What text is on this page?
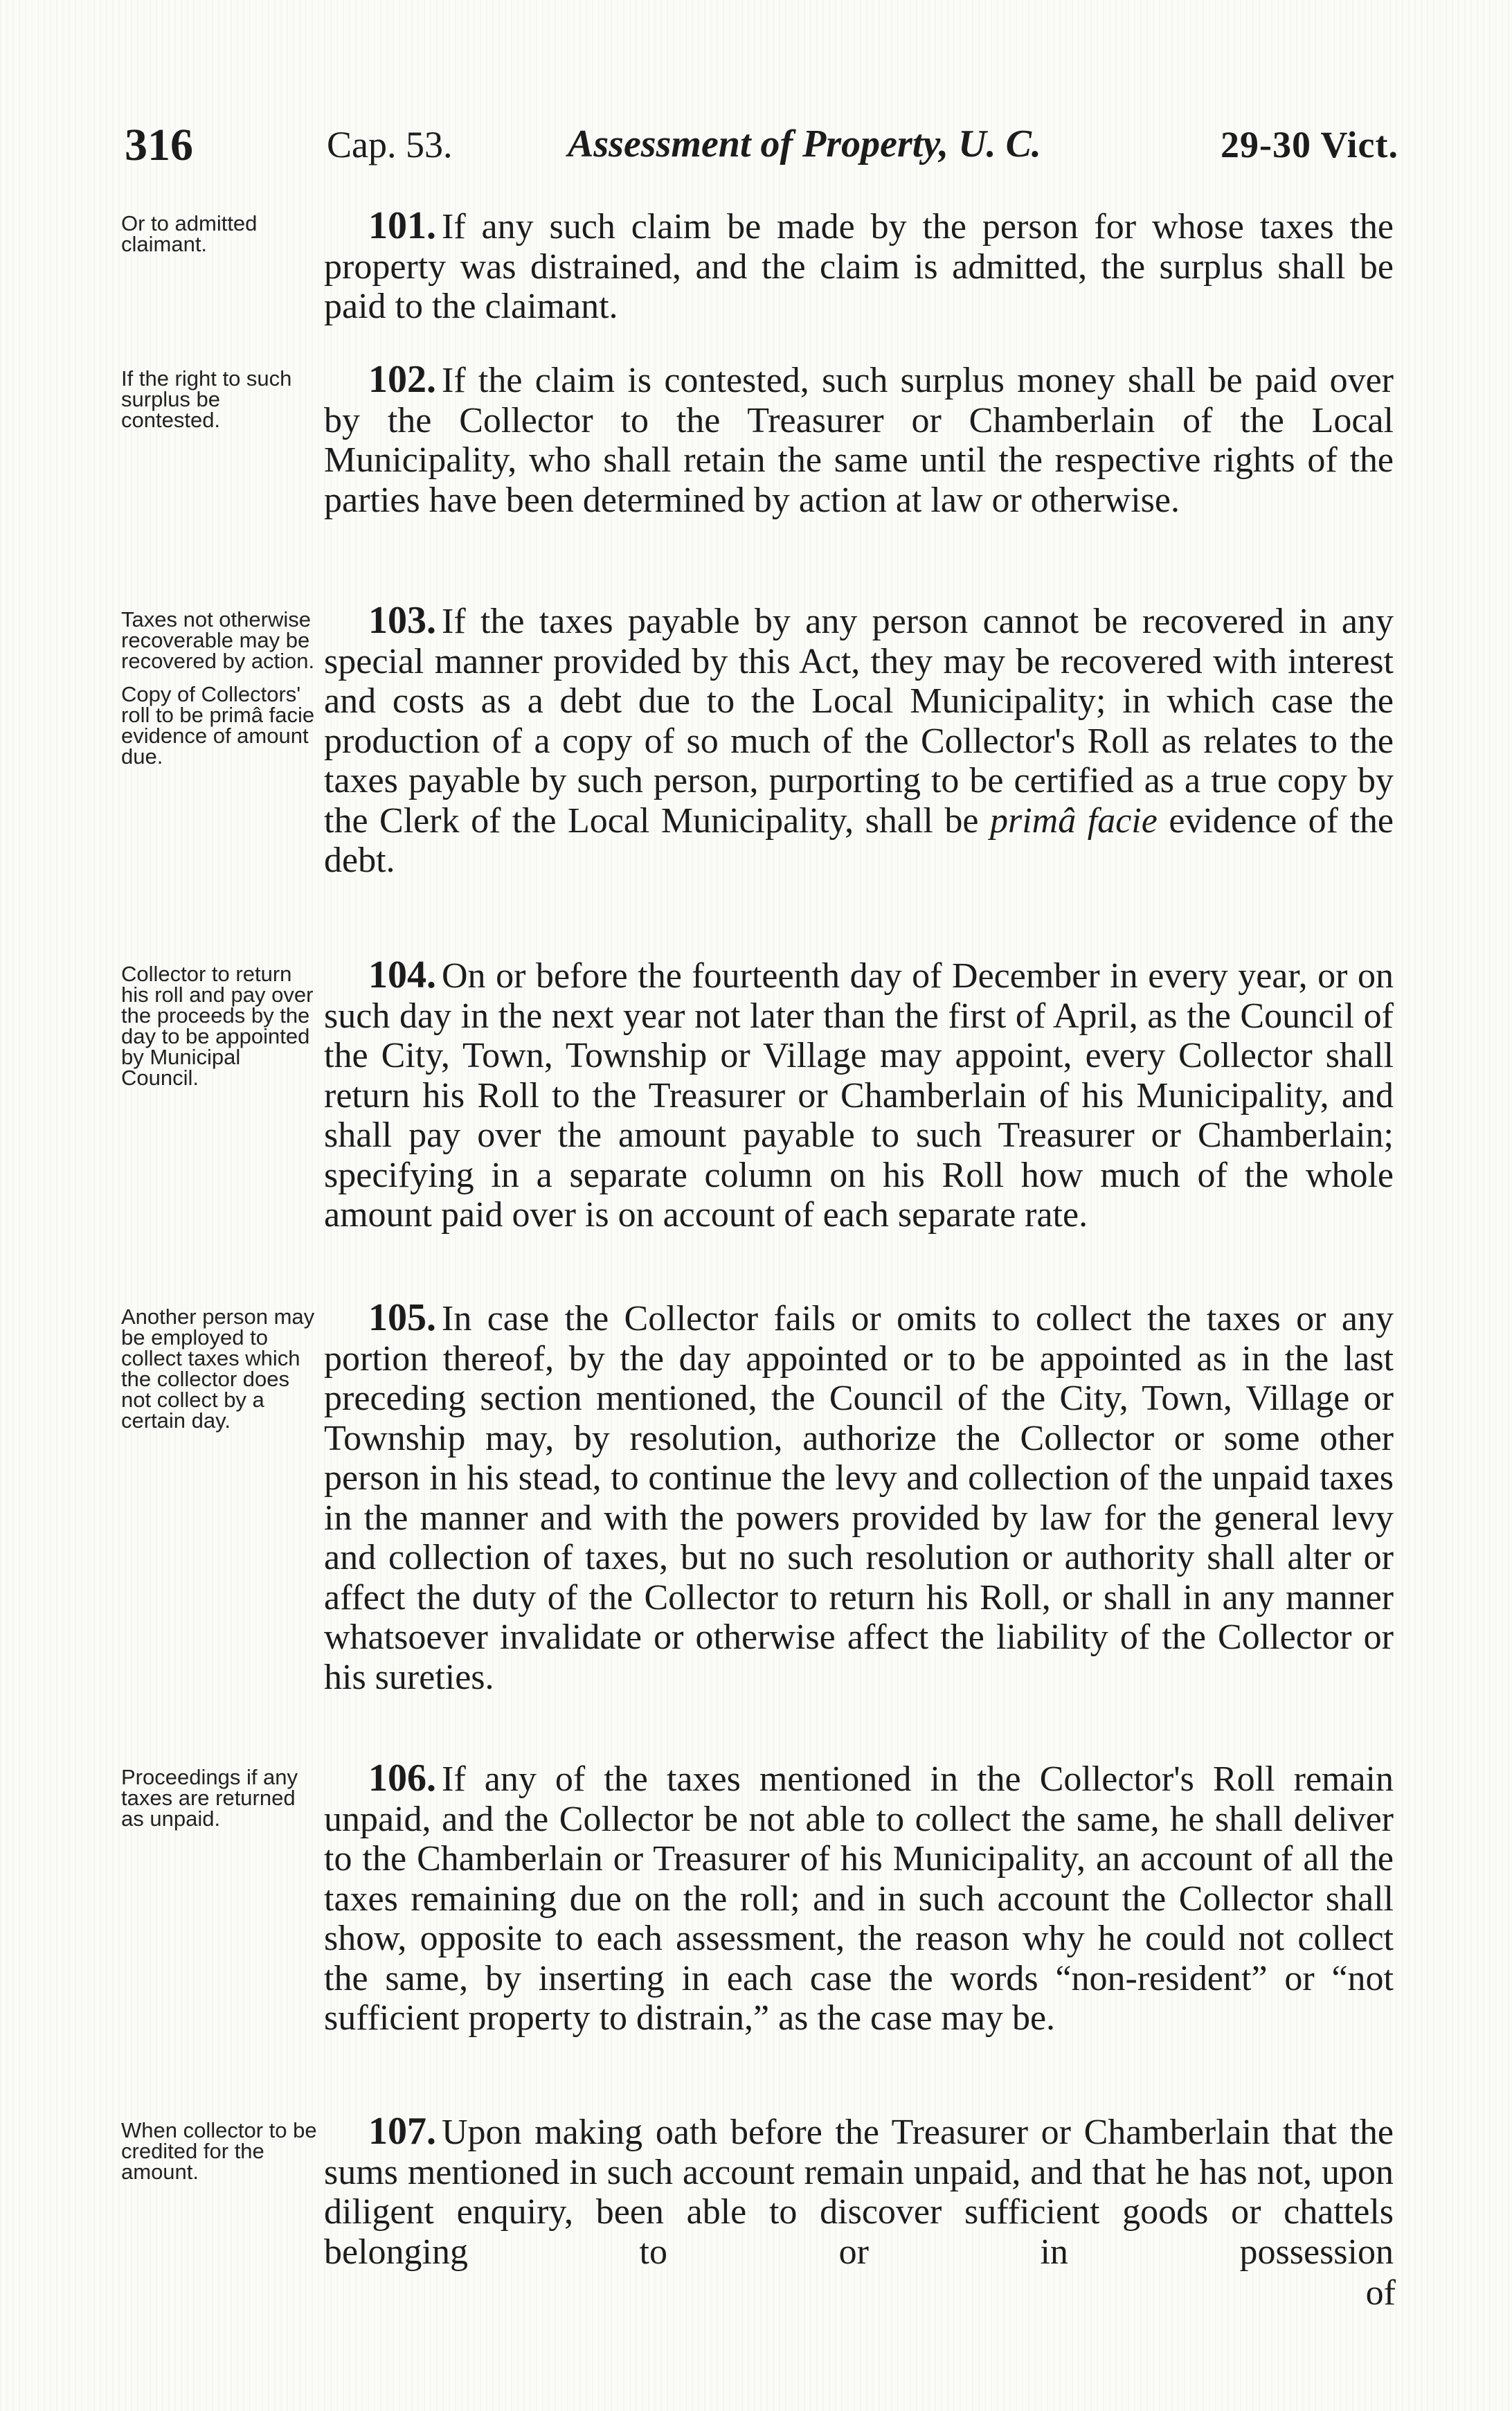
316	Cap. 53.	Assessment of Property, U. C.	29-30 Vict.

Or to admitted claimant.	101. If any such claim be made by the person for whose taxes the property was distrained, and the claim is admitted, the surplus shall be paid to the claimant.

If the right to such surplus be contested.

102. If the claim is contested, such surplus money shall be paid over by the Collector to the Treasurer or Chamberlain of the Local Municipality, who shall retain the same until the respective rights of the parties have been determined by action at law or otherwise.

Taxes not otherwise recoverable may be recovered by action.

Copy of Collectors' roll to be primâ facie evidence of amount due.

103. If the taxes payable by any person cannot be recovered in any special manner provided by this Act, they may be recovered with interest and costs as a debt due to the Local Municipality; in which case the production of a copy of so much of the Collector's Roll as relates to the taxes payable by such person, purporting to be certified as a true copy by the Clerk of the Local Municipality, shall be primâ facie evidence of the debt.

Collector to return his roll and pay over the proceeds by the day to be appointed by Municipal Council.

104. On or before the fourteenth day of December in every year, or on such day in the next year not later than the first of April, as the Council of the City, Town, Township or Village may appoint, every Collector shall return his Roll to the Treasurer or Chamberlain of his Municipality, and shall pay over the amount payable to such Treasurer or Chamberlain; specifying in a separate column on his Roll how much of the whole amount paid over is on account of each separate rate.

Another person may be employed to collect taxes which the collector does not collect by a certain day.

105. In case the Collector fails or omits to collect the taxes or any portion thereof, by the day appointed or to be appointed as in the last preceding section mentioned, the Council of the City, Town, Village or Township may, by resolution, authorize the Collector or some other person in his stead, to continue the levy and collection of the unpaid taxes in the manner and with the powers provided by law for the general levy and collection of taxes, but no such resolution or authority shall alter or affect the duty of the Collector to return his Roll, or shall in any manner whatsoever invalidate or otherwise affect the liability of the Collector or his sureties.

Proceedings if any taxes are returned as unpaid.

106. If any of the taxes mentioned in the Collector's Roll remain unpaid, and the Collector be not able to collect the same, he shall deliver to the Chamberlain or Treasurer of his Municipality, an account of all the taxes remaining due on the roll; and in such account the Collector shall show, opposite to each assessment, the reason why he could not collect the same, by inserting in each case the words “non-resident” or “not sufficient property to distrain,” as the case may be.

When collector to be credited for the amount.

107. Upon making oath before the Treasurer or Chamberlain that the sums mentioned in such account remain unpaid, and that he has not, upon diligent enquiry, been able to discover sufficient goods or chattels belonging to or in possession
of
